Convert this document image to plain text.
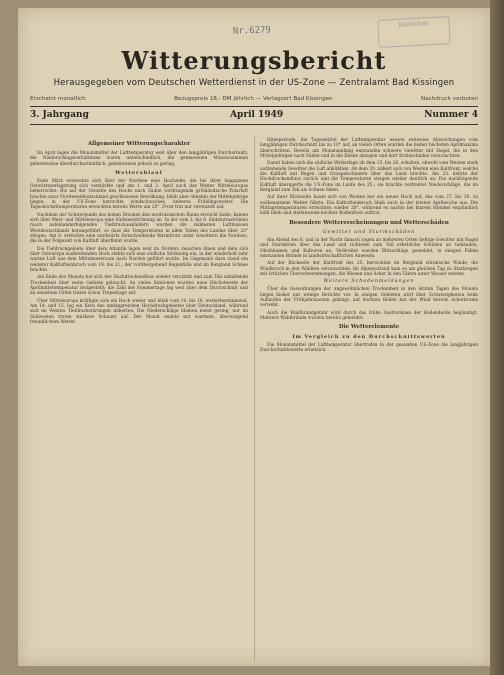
Nr.6279
Bibliothek
Witterungsbericht
Herausgegeben vom Deutschen Wetterdienst in der US-Zone — Zentralamt Bad Kissingen
Erscheint monatlich	Bezugspreis 18,- DM jährlich — Verlagsort Bad Kissingen	Nachdruck verboten
3. Jahrgang	April 1949	Nummer 4
Allgemeiner Witterungscharakter

Im April lagen die Monatsmittel der Lufttemperatur weit über den langjährigen Durchschnitt; die Niederschlagsverhältnisse waren unterschiedlich, die gemessenen Monatssummen gebietsweise überdurchschnittlich, gebietsweise jedoch zu gering.

Wetterablauf

Ende März erstreckte sich über der Nordsee eine Hochzelle, die bei ihrer langsamen Ostwärtsverlagerung sich verstärkte und am 1. und 2. April auch das Wetter Mitteleuropas beherrschte. Bis auf der Ostseite des Hochs nach Süden vordringende grönländische Polarluft brachte zwar Nordwestdeutschland geschlossene Bewölkung, blieb aber ohnehin der Mittelgebirge liegen; in der US-Zone herrschte windschwaches, heiteres Frühlingswetter. Die Tageshöchsttemperaturen erreichten bereits Werte um 20°. Frost trat nur vereinzelt auf.

Nachdem der Schwerpunkt des hohen Druckes den nordrussischen Raum erreicht hatte, kamen sich über West- und Mitteleuropa eine Südwestströmung an. In der vom 3. bis 6. Südsturmströmen rasch aufeinanderfolgenden Tiefdruckausläufern wurden die mildesten Luftmassen Westdeutschlands herangeführt, so dass die Temperaturen in allen Teilen des Landes über 20° stiegen. Am 6. erreichte eine nordwärts fortschreitende Warmfront unter Gewittern die Nordsee, die in der Folgezeit von Kaltluft überflutet wurde.

Die Tiefdruckgebiete über dem Atlantik lagen weit im Norden; zwischen ihnen und dem sich über Osteuropa ausbreitenden Hoch stellte sich eine südliche Strömung ein, in der wiederholt sehr warme Luft aus dem Mittelmeerraum nach Norden geführt wurde. Im Gegensatz dazu stand ein weiterer Kaltlufteinbruch vom 19. bis 21., der vorübergehend Regenfälle und im Bergland Schnee brachte.

Am Ende des Monats hat sich der Hochdruckeinfluss wieder verstärkt und zum Teil anhaltende Trockenheit über weite Gebiete gebracht. An vielen Stationen wurden neue Höchstwerte der Aprilmitteltemperatur festgestellt; die Zahl der Sommertage lag weit über dem Durchschnitt und an einzelnen Orten traten schon Tropentage auf.

Über Mitteleuropa kräftigte sich ein Hoch weiter und blieb vom 14. bis 18. wetterbestimmend. Am 14. und 15. lag ein Kern des umfangreichen Hochdruckgebietes über Deutschland, während sich im Westen Tiefdruckstörungen näherten. Die Niederschläge blieben meist gering, nur im Südwesten traten stärkere Schauer auf. Der Monat endete mit warmem, überwiegend freundlichem Wetter.

Hitzeperiode, die Tagesmittel der Lufttemperatur wiesen zeitweise Abweichungen vom langjährigen Durchschnitt bis zu 10° auf, an vielen Orten wurden die bisher höchsten Aprilmaxima überschritten. Bereits am Monatsanfang entstanden schwere Gewitter mit Hagel, die in den Mittelgebirgen nach Süden und in die Ebene abzogen und dort Ernteschäden verursachten.

Damit haben sich die südliche Wetterlage ab dem 15. bis 26. erhalten, obwohl vom Westen stark aufziehende Gewitter die Luft abkühlten. Ab dem 20. nähert sich von Westen eine Kaltfront, welche die Kaltluft mit Regen und Graupelschauern über das Land brachte. Am 23. kehrte der Hochdruckeinfluss zurück und die Temperaturen stiegen wieder deutlich an. Die nachfolgende Kaltluft überquerte die US-Zone im Laufe des 25.; sie brachte verbreitet Niederschläge, die im Bergland zum Teil als Schnee fielen.

Auf ihrer Rückseite baute sich von Westen her ein neues Hoch auf, das vom 27. bis 30. zu wolkenarmem Wetter führte. Ein Kaltlufteinbruch blieb auch in der letzten Aprilwoche aus. Die Mittagstemperaturen erreichten wieder 20°, während es nachts bei klarem Himmel empfindlich kühl blieb und stellenweise leichter Bodenfrost auftrat.

Besondere Wettererscheinungen und Wetterschäden
Gewitter und Sturmschäden

Am Abend des 6. und in der Nacht danach zogen an mehreren Orten heftige Gewitter mit Hagel und Sturmböen über das Land und richteten zum Teil erhebliche Schäden an Gebäuden, Obstbäumen und Kulturen an. Verbreitet wurden Blitzschläge gemeldet, in einigen Fällen entstanden Brände in landwirtschaftlichen Anwesen.

Auf der Rückseite der Kaltfront des 25. herrschten im Bergland stürmische Winde, die Windbruch in den Wäldern verursachten. Im Alpenvorland kam es am gleichen Tag zu Starkregen mit örtlichen Überschwemmungen, die Wiesen und Äcker in den Tälern unter Wasser setzten.

Weitere Schadenmeldungen

Über die Auswirkungen der ungewöhnlichen Trockenheit in den letzten Tagen des Monats liegen bisher nur wenige Berichte vor. In einigen Gebieten wird über Schwierigkeiten beim Auflaufen der Frühjahrssaaten geklagt; auf leichten Böden hat der Wind bereits Ackerkrume verweht.

Auch die Waldbrandgefahr wird durch das frühe Austrocknen der Bodendecke begünstigt. Mehrere Waldbrände wurden bereits gemeldet.

Die Wetterelemente
Im Vergleich zu den Durchschnittswerten

Die Monatsmittel der Lufttemperatur übertrafen in der gesamten US-Zone die langjährigen Durchschnittswerte erheblich.
